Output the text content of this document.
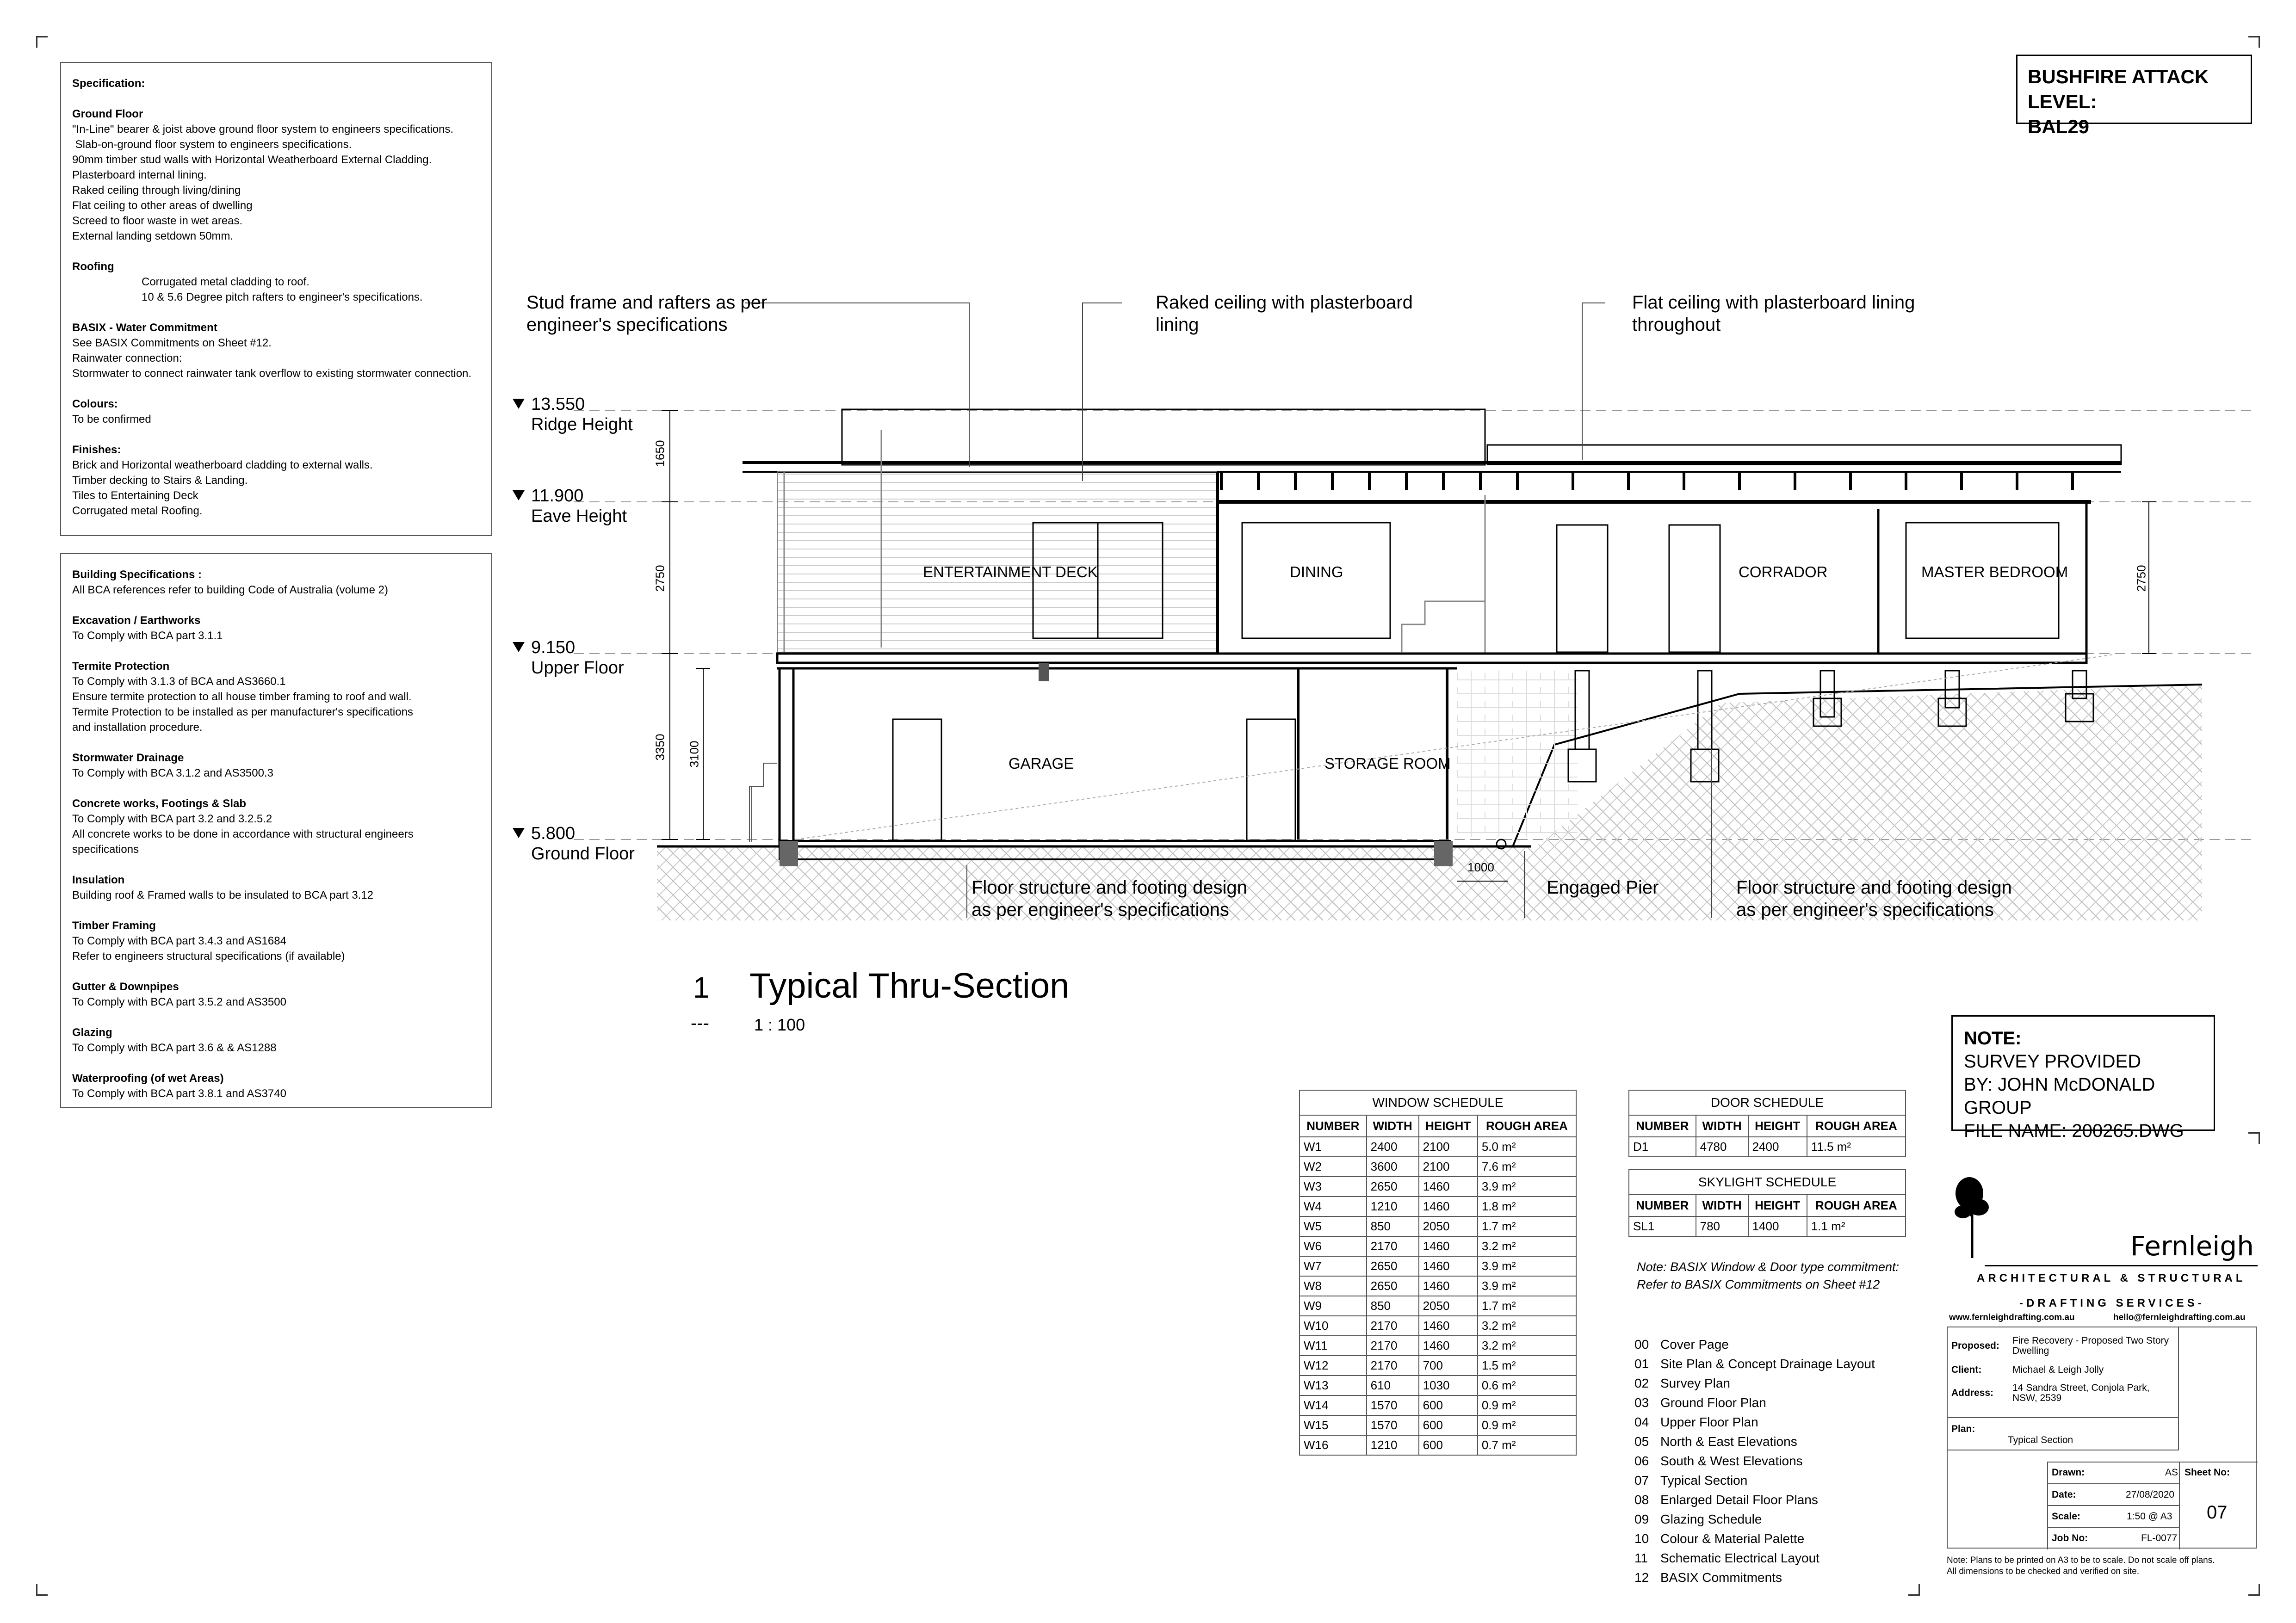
Specification:
Ground Floor
"In-Line" bearer & joist above ground floor system to engineers specifications.
Slab-on-ground floor system to engineers specifications.
90mm timber stud walls with Horizontal Weatherboard External Cladding.
Plasterboard internal lining.
Raked ceiling through living/dining
Flat ceiling to other areas of dwelling
Screed to floor waste in wet areas.
External landing setdown 50mm.
Roofing
Corrugated metal cladding to roof.
10 & 5.6 Degree pitch rafters to engineer's specifications.
BASIX - Water Commitment
See BASIX Commitments on Sheet #12.
Rainwater connection:
Stormwater to connect rainwater tank overflow to existing stormwater connection.
Colours:
To be confirmed
Finishes:
Brick and Horizontal weatherboard cladding to external walls.
Timber decking to Stairs & Landing.
Tiles to Entertaining Deck
Corrugated metal Roofing.
Building Specifications :
All BCA references refer to building Code of Australia (volume 2)
Excavation / Earthworks
To Comply with BCA part 3.1.1
Termite Protection
To Comply with 3.1.3 of BCA and AS3660.1
Ensure termite protection to all house timber framing to roof and wall.
Termite Protection to be installed as per manufacturer's specifications
and installation procedure.
Stormwater Drainage
To Comply with BCA 3.1.2 and AS3500.3
Concrete works, Footings & Slab
To Comply with BCA part 3.2 and 3.2.5.2
All concrete works to be done in accordance with structural engineers specifications
Insulation
Building roof & Framed walls to be insulated to BCA part 3.12
Timber Framing
To Comply with BCA part 3.4.3 and AS1684
Refer to engineers structural specifications (if available)
Gutter & Downpipes
To Comply with BCA part 3.5.2 and AS3500
Glazing
To Comply with BCA part 3.6 & & AS1288
Waterproofing (of wet Areas)
To Comply with BCA part 3.8.1 and AS3740
BUSHFIRE ATTACK LEVEL:
BAL29
1
---
Typical Thru-Section
1 : 100
13.550
Ridge Height
11.900
Eave Height
9.150
Upper Floor
5.800
Ground Floor
1650
2750
3350 3100
2750
1000
ENTERTAINMENT DECK	DINING	CORRADOR	MASTER BEDROOM
GARAGE	STORAGE ROOM
Stud frame and rafters as per
engineer's specifications
Raked ceiling with plasterboard
lining
Flat ceiling with plasterboard lining
throughout
Floor structure and footing design
as per engineer's specifications
Engaged Pier	Floor structure and footing design
as per engineer's specifications
NOTE:
SURVEY PROVIDED
BY: JOHN McDONALD GROUP
FILE NAME: 200265.DWG
WINDOW SCHEDULE
NUMBER	WIDTH	HEIGHT	ROUGH AREA
W1	2400	2100	5.0 m²
W2	3600	2100	7.6 m²
W3	2650	1460	3.9 m²
W4	1210	1460	1.8 m²
W5	850	2050	1.7 m²
W6	2170	1460	3.2 m²
W7	2650	1460	3.9 m²
W8	2650	1460	3.9 m²
W9	850	2050	1.7 m²
W10	2170	1460	3.2 m²
W11	2170	1460	3.2 m²
W12	2170	700	1.5 m²
W13	610	1030	0.6 m²
W14	1570	600	0.9 m²
W15	1570	600	0.9 m²
W16	1210	600	0.7 m²
DOOR SCHEDULE
NUMBER	WIDTH	HEIGHT	ROUGH AREA
D1	4780	2400	11.5 m²
SKYLIGHT SCHEDULE
NUMBER	WIDTH	HEIGHT	ROUGH AREA
SL1	780	1400	1.1 m²
Note: BASIX Window & Door type commitment:
Refer to BASIX Commitments on Sheet #12
00 Cover Page
01 Site Plan & Concept Drainage Layout
02 Survey Plan
03 Ground Floor Plan
04 Upper Floor Plan
05 North & East Elevations
06 South & West Elevations
07 Typical Section
08 Enlarged Detail Floor Plans
09 Glazing Schedule
10 Colour & Material Palette
11 Schematic Electrical Layout
12 BASIX Commitments
Fernleigh
ARCHITECTURAL & STRUCTURAL
-DRAFTING SERVICES-
www.fernleighdrafting.com.au	hello@fernleighdrafting.com.au
Proposed: Fire Recovery - Proposed Two Story
Dwelling
Client:	Michael & Leigh Jolly
Address: 14 Sandra Street, Conjola Park,
NSW, 2539
Plan:
Typical Section
Drawn:	AS
Date:	27/08/2020
Scale:	1:50 @ A3
Job No:	FL-0077
Sheet No:
07
Note: Plans to be printed on A3 to be to scale. Do not scale off plans.
All dimensions to be checked and verified on site.
